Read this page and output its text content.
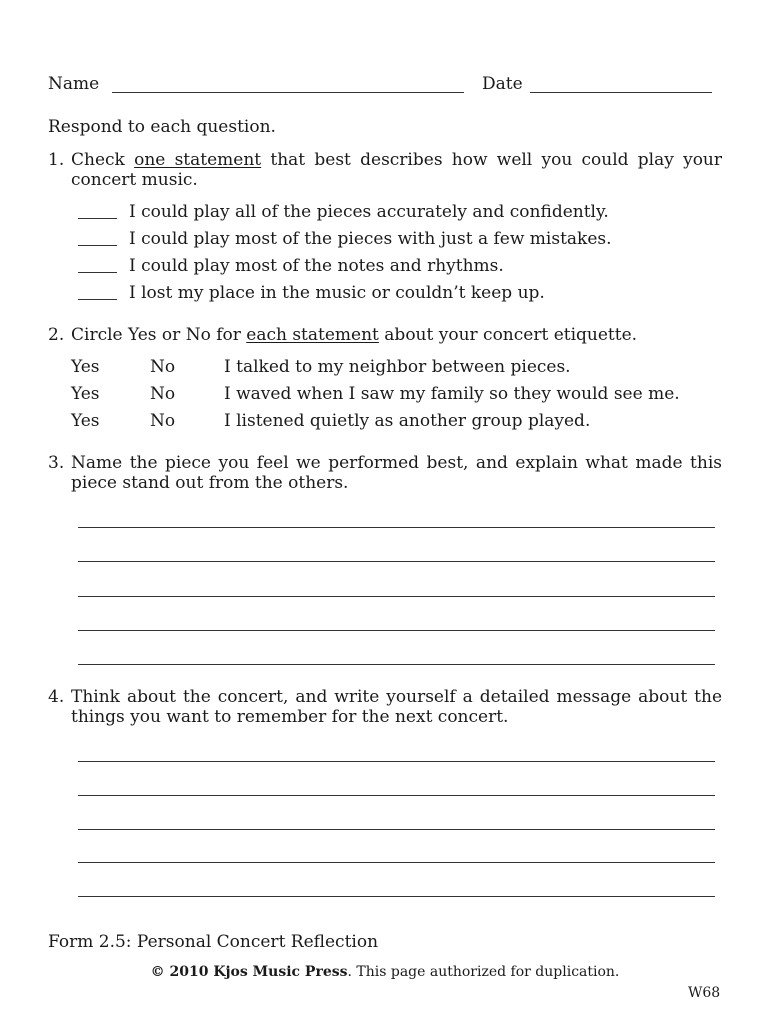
Name	Date
Respond to each question.
1. Check one statement that best describes how well you could play your
concert music.
I could play all of the pieces accurately and confidently.
I could play most of the pieces with just a few mistakes.
I could play most of the notes and rhythms.
I lost my place in the music or couldn’t keep up.
2. Circle Yes or No for each statement about your concert etiquette.
Yes	No	I talked to my neighbor between pieces.
Yes	No	I waved when I saw my family so they would see me.
Yes	No	I listened quietly as another group played.
3. Name the piece you feel we performed best, and explain what made this
piece stand out from the others.
4. Think about the concert, and write yourself a detailed message about the
things you want to remember for the next concert.
Form 2.5: Personal Concert Reflection
© 2010 Kjos Music Press. This page authorized for duplication.
W68
